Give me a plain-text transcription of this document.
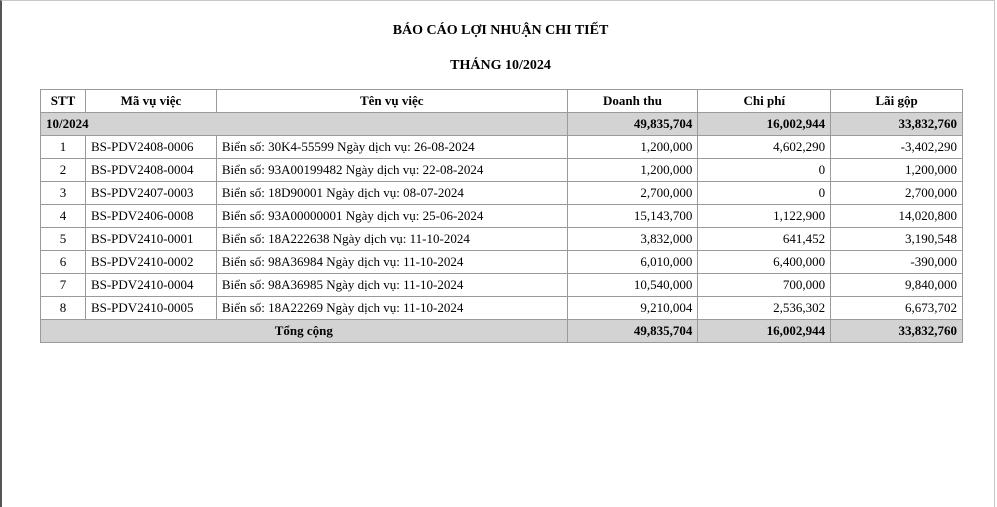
BÁO CÁO LỢI NHUẬN CHI TIẾT
THÁNG 10/2024
STT	Mã vụ việc	Tên vụ việc	Doanh thu	Chi phí	Lãi gộp
10/2024			49,835,704	16,002,944	33,832,760
1	BS-PDV2408-0006	Biển số: 30K4-55599 Ngày dịch vụ: 26-08-2024	1,200,000	4,602,290	-3,402,290
2	BS-PDV2408-0004	Biển số: 93A00199482 Ngày dịch vụ: 22-08-2024	1,200,000	0	1,200,000
3	BS-PDV2407-0003	Biển số: 18D90001 Ngày dịch vụ: 08-07-2024	2,700,000	0	2,700,000
4	BS-PDV2406-0008	Biển số: 93A00000001 Ngày dịch vụ: 25-06-2024	15,143,700	1,122,900	14,020,800
5	BS-PDV2410-0001	Biển số: 18A222638 Ngày dịch vụ: 11-10-2024	3,832,000	641,452	3,190,548
6	BS-PDV2410-0002	Biển số: 98A36984 Ngày dịch vụ: 11-10-2024	6,010,000	6,400,000	-390,000
7	BS-PDV2410-0004	Biển số: 98A36985 Ngày dịch vụ: 11-10-2024	10,540,000	700,000	9,840,000
8	BS-PDV2410-0005	Biển số: 18A22269 Ngày dịch vụ: 11-10-2024	9,210,004	2,536,302	6,673,702
Tổng cộng			49,835,704	16,002,944	33,832,760
